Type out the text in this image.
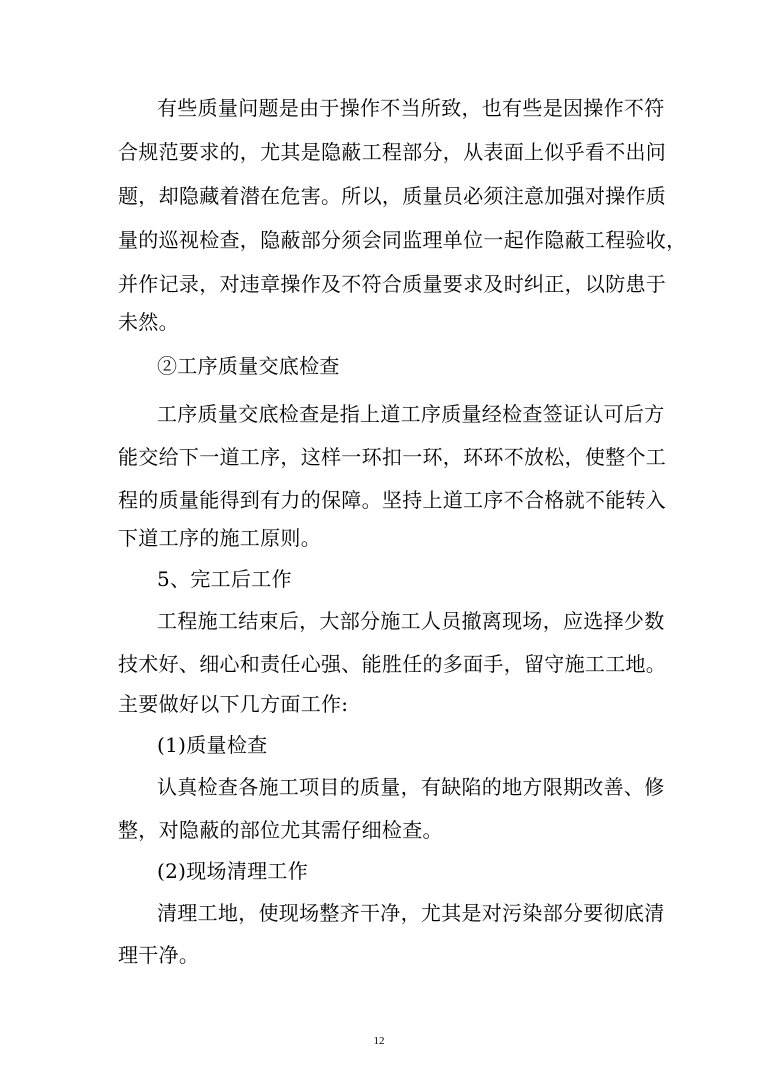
有些质量问题是由于操作不当所致，也有些是因操作不符
合规范要求的，尤其是隐蔽工程部分，从表面上似乎看不出问
题，却隐藏着潜在危害。所以，质量员必须注意加强对操作质
量的巡视检查，隐蔽部分须会同监理单位一起作隐蔽工程验收，
并作记录，对违章操作及不符合质量要求及时纠正，以防患于
未然。
②工序质量交底检查
工序质量交底检查是指上道工序质量经检查签证认可后方
能交给下一道工序，这样一环扣一环，环环不放松，使整个工
程的质量能得到有力的保障。坚持上道工序不合格就不能转入
下道工序的施工原则。
5、完工后工作
工程施工结束后，大部分施工人员撤离现场，应选择少数
技术好、细心和责任心强、能胜任的多面手，留守施工工地。
主要做好以下几方面工作:
(1)质量检查
认真检查各施工项目的质量，有缺陷的地方限期改善、修
整，对隐蔽的部位尤其需仔细检查。
(2)现场清理工作
清理工地，使现场整齐干净，尤其是对污染部分要彻底清
理干净。
12
